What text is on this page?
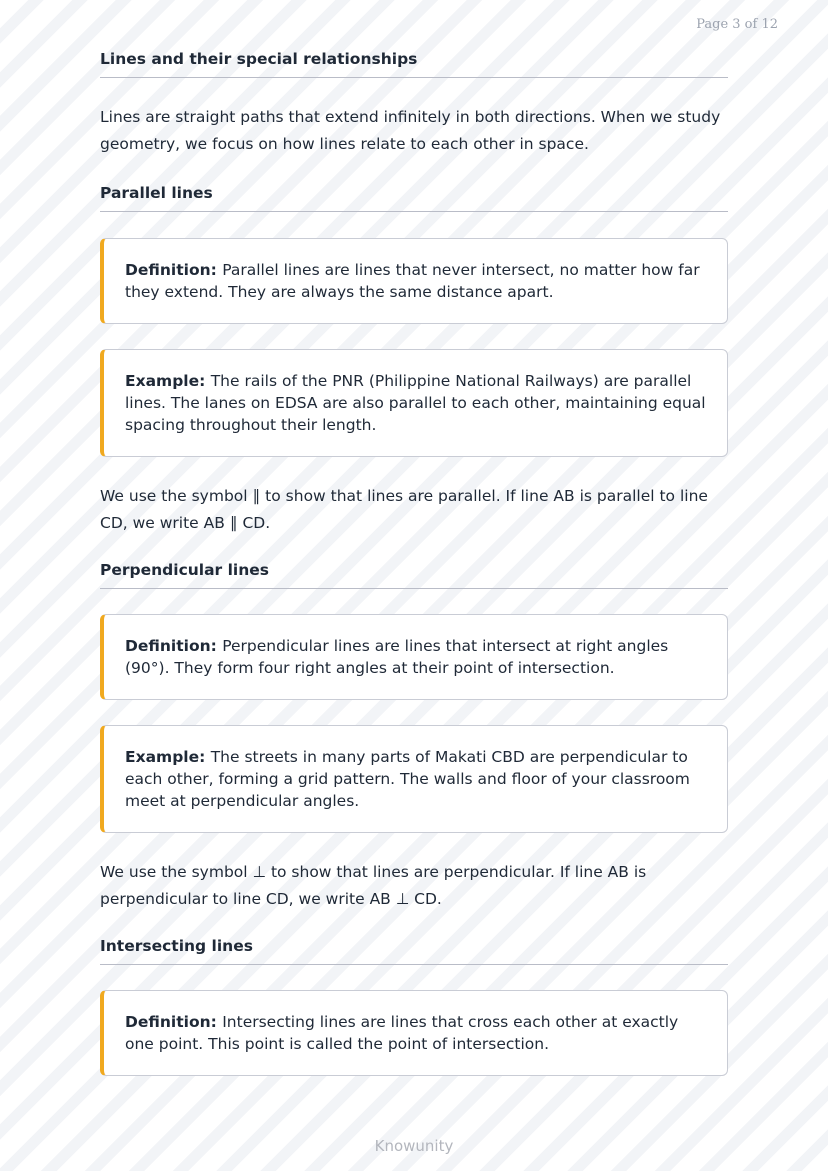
Page 3 of 12
Lines and their special relationships

Lines are straight paths that extend infinitely in both directions. When we study geometry, we focus on how lines relate to each other in space.

Parallel lines
Definition: Parallel lines are lines that never intersect, no matter how far they extend. They are always the same distance apart.
Example: The rails of the PNR (Philippine National Railways) are parallel lines. The lanes on EDSA are also parallel to each other, maintaining equal spacing throughout their length.

We use the symbol ∥ to show that lines are parallel. If line AB is parallel to line CD, we write AB ∥ CD.

Perpendicular lines
Definition: Perpendicular lines are lines that intersect at right angles (90°). They form four right angles at their point of intersection.
Example: The streets in many parts of Makati CBD are perpendicular to each other, forming a grid pattern. The walls and floor of your classroom meet at perpendicular angles.

We use the symbol ⊥ to show that lines are perpendicular. If line AB is perpendicular to line CD, we write AB ⊥ CD.

Intersecting lines
Definition: Intersecting lines are lines that cross each other at exactly one point. This point is called the point of intersection.
Knowunity
